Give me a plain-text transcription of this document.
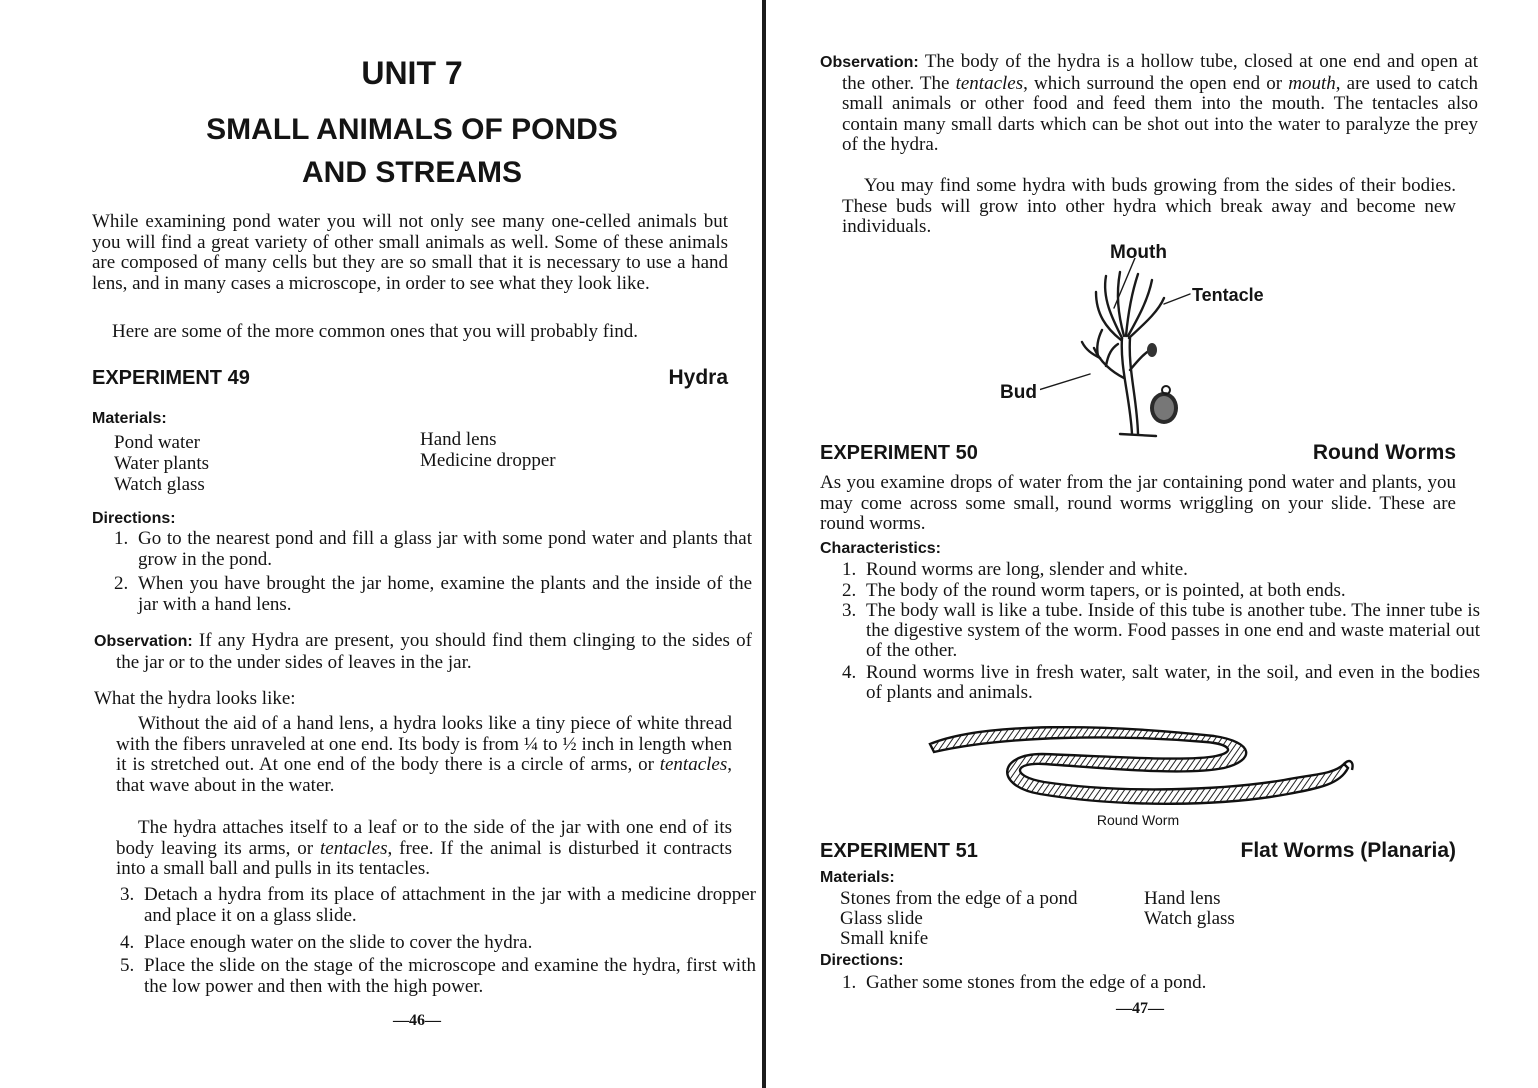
UNIT 7
SMALL ANIMALS OF PONDS
AND STREAMS

While examining pond water you will not only see many one-celled animals but you will find a great variety of other small animals as well. Some of these animals are composed of many cells but they are so small that it is necessary to use a hand lens, and in many cases a microscope, in order to see what they look like.

Here are some of the more common ones that you will probably find.

EXPERIMENT 49	Hydra
Materials:
Pond water
Water plants
Watch glass
Hand lens
Medicine dropper
Directions:
1. Go to the nearest pond and fill a glass jar with some pond water and plants that grow in the pond.
2. When you have brought the jar home, examine the plants and the inside of the jar with a hand lens.

Observation: If any Hydra are present, you should find them clinging to the sides of the jar or to the under sides of leaves in the jar.

What the hydra looks like:

Without the aid of a hand lens, a hydra looks like a tiny piece of white thread with the fibers unraveled at one end. Its body is from ¼ to ½ inch in length when it is stretched out. At one end of the body there is a circle of arms, or tentacles, that wave about in the water.

The hydra attaches itself to a leaf or to the side of the jar with one end of its body leaving its arms, or tentacles, free. If the animal is disturbed it contracts into a small ball and pulls in its tentacles.

3. Detach a hydra from its place of attachment in the jar with a medicine dropper and place it on a glass slide.
4. Place enough water on the slide to cover the hydra.
5. Place the slide on the stage of the microscope and examine the hydra, first with the low power and then with the high power.
—46—

Observation: The body of the hydra is a hollow tube, closed at one end and open at the other. The tentacles, which surround the open end or mouth, are used to catch small animals or other food and feed them into the mouth. The tentacles also contain many small darts which can be shot out into the water to paralyze the prey of the hydra.

You may find some hydra with buds growing from the sides of their bodies. These buds will grow into other hydra which break away and become new individuals.

Mouth
Tentacle
Bud
EXPERIMENT 50	Round Worms

As you examine drops of water from the jar containing pond water and plants, you may come across some small, round worms wriggling on your slide. These are round worms.

Characteristics:
1. Round worms are long, slender and white.
2. The body of the round worm tapers, or is pointed, at both ends.
3. The body wall is like a tube. Inside of this tube is another tube. The inner tube is the digestive system of the worm. Food passes in one end and waste material out of the other.
4. Round worms live in fresh water, salt water, in the soil, and even in the bodies of plants and animals.
Round Worm
EXPERIMENT 51	Flat Worms (Planaria)
Materials:
Stones from the edge of a pond
Glass slide
Small knife
Hand lens
Watch glass
Directions:
1. Gather some stones from the edge of a pond.
—47—
